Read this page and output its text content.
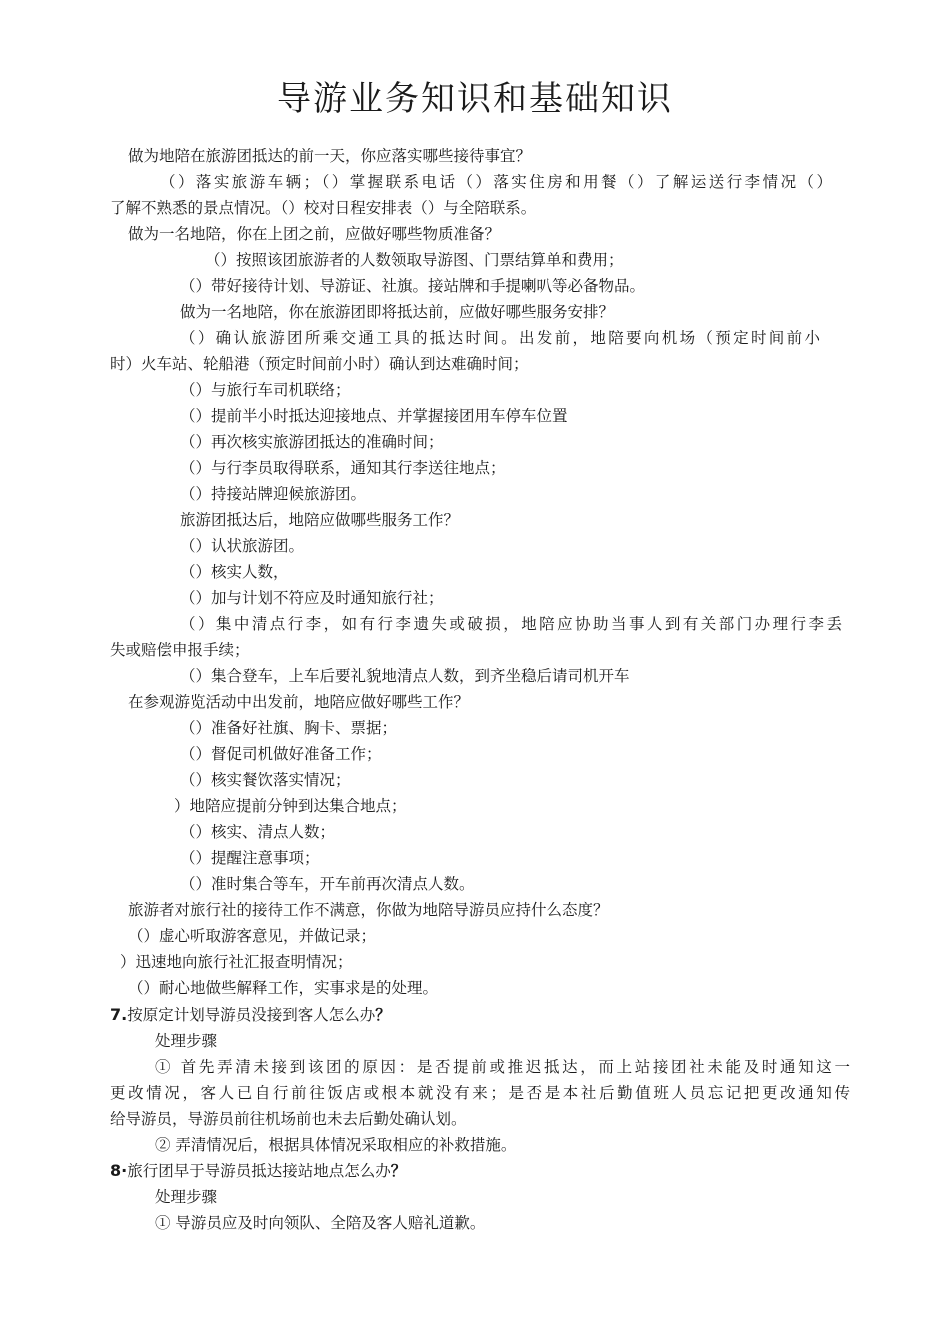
导游业务知识和基础知识
做为地陪在旅游团抵达的前一天，你应落实哪些接待事宜？
（）落实旅游车辆；（）掌握联系电话（）落实住房和用餐（）了解运送行李情况（）
了解不熟悉的景点情况。（）校对日程安排表（）与全陪联系。
做为一名地陪，你在上团之前，应做好哪些物质准备？
（）按照该团旅游者的人数领取导游图、门票结算单和费用；
（）带好接待计划、导游证、社旗。接站牌和手提喇叭等必备物品。
做为一名地陪，你在旅游团即将抵达前，应做好哪些服务安排？
（）确认旅游团所乘交通工具的抵达时间。出发前，地陪要向机场（预定时间前小
时）火车站、轮船港（预定时间前小时）确认到达难确时间；
（）与旅行车司机联络；
（）提前半小时抵达迎接地点、并掌握接团用车停车位置
（）再次核实旅游团抵达的准确时间；
（）与行李员取得联系，通知其行李送往地点；
（）持接站牌迎候旅游团。
旅游团抵达后，地陪应做哪些服务工作？
（）认状旅游团。
（）核实人数，
（）加与计划不符应及时通知旅行社；
（）集中清点行李，如有行李遗失或破损，地陪应协助当事人到有关部门办理行李丢
失或赔偿申报手续；
（）集合登车，上车后要礼貌地清点人数，到齐坐稳后请司机开车
在参观游览活动中出发前，地陪应做好哪些工作？
（）准备好社旗、胸卡、票据；
（）督促司机做好准备工作；
（）核实餐饮落实情况；
）地陪应提前分钟到达集合地点；
（）核实、清点人数；
（）提醒注意事项；
（）准时集合等车，开车前再次清点人数。
旅游者对旅行社的接待工作不满意，你做为地陪导游员应持什么态度？
（）虚心听取游客意见，并做记录；
）迅速地向旅行社汇报查明情况；
（）耐心地做些解释工作，实事求是的处理。
7.按原定计划导游员没接到客人怎么办？
处理步骤
① 首先弄清未接到该团的原因：是否提前或推迟抵达，而上站接团社未能及时通知这一
更改情况，客人已自行前往饭店或根本就没有来；是否是本社后勤值班人员忘记把更改通知传
给导游员，导游员前往机场前也未去后勤处确认划。
② 弄清情况后，根据具体情况采取相应的补救措施。
8·旅行团早于导游员抵达接站地点怎么办？
处理步骤
① 导游员应及时向领队、全陪及客人赔礼道歉。
